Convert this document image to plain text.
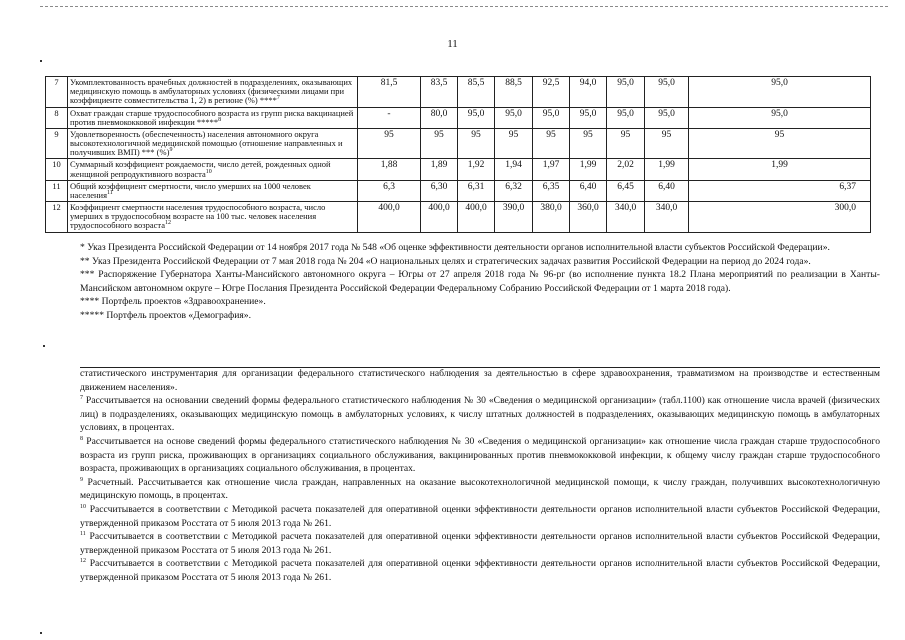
11
7	Укомплектованность врачебных должностей в подразделениях, оказывающих медицинскую помощь в амбулаторных условиях (физическими лицами при коэффициенте совместительства 1, 2) в регионе (%) ****$^7$	81,5	83,5	85,5	88,5	92,5	94,0	95,0	95,0	95,0
8	Охват граждан старше трудоспособного возраста из групп риска вакцинацией против пневмококковой инфекции *****$^8$	-	80,0	95,0	95,0	95,0	95,0	95,0	95,0	95,0
9	Удовлетворенность (обеспеченность) населения автономного округа высокотехнологичной медицинской помощью (отношение направленных и получивших ВМП) *** (%)$^9$	95	95	95	95	95	95	95	95	95
10	Суммарный коэффициент рождаемости, число детей, рожденных одной женщиной репродуктивного возраста$^{10}$	1,88	1,89	1,92	1,94	1,97	1,99	2,02	1,99	1,99
11	Общий коэффициент смертности, число умерших на 1000 человек населения$^{11}$	6,3	6,30	6,31	6,32	6,35	6,40	6,45	6,40	6,37
12	Коэффициент смертности населения трудоспособного возраста, число умерших в трудоспособном возрасте на 100 тыс. человек населения трудоспособного возраста$^{12}$	400,0	400,0	400,0	390,0	380,0	360,0	340,0	340,0	300,0

* Указ Президента Российской Федерации от 14 ноября 2017 года № 548 «Об оценке эффективности деятельности органов исполнительной власти субъектов Российской Федерации».

** Указ Президента Российской Федерации от 7 мая 2018 года № 204 «О национальных целях и стратегических задачах развития Российской Федерации на период до 2024 года».

*** Распоряжение Губернатора Ханты-Мансийского автономного округа – Югры от 27 апреля 2018 года № 96-рг (во исполнение пункта 18.2 Плана мероприятий по реализации в Ханты-Мансийском автономном округе – Югре Послания Президента Российской Федерации Федеральному Собранию Российской Федерации от 1 марта 2018 года).

**** Портфель проектов «Здравоохранение».

***** Портфель проектов «Демография».

статистического инструментария для организации федерального статистического наблюдения за деятельностью в сфере здравоохранения, травматизмом на производстве и естественным движением населения».

$^7$ Рассчитывается на основании сведений формы федерального статистического наблюдения № 30 «Сведения о медицинской организации» (табл.1100) как отношение числа врачей (физических лиц) в подразделениях, оказывающих медицинскую помощь в амбулаторных условиях, к числу штатных должностей в подразделениях, оказывающих медицинскую помощь в амбулаторных условиях, в процентах.

$^8$ Рассчитывается на основе сведений формы федерального статистического наблюдения № 30 «Сведения о медицинской организации» как отношение числа граждан старше трудоспособного возраста из групп риска, проживающих в организациях социального обслуживания, вакцинированных против пневмококковой инфекции, к общему числу граждан старше трудоспособного возраста, проживающих в организациях социального обслуживания, в процентах.

$^9$ Расчетный. Рассчитывается как отношение числа граждан, направленных на оказание высокотехнологичной медицинской помощи, к числу граждан, получивших высокотехнологичную медицинскую помощь, в процентах.

$^{10}$ Рассчитывается в соответствии с Методикой расчета показателей для оперативной оценки эффективности деятельности органов исполнительной власти субъектов Российской Федерации, утвержденной приказом Росстата от 5 июля 2013 года № 261.

$^{11}$ Рассчитывается в соответствии с Методикой расчета показателей для оперативной оценки эффективности деятельности органов исполнительной власти субъектов Российской Федерации, утвержденной приказом Росстата от 5 июля 2013 года № 261.

$^{12}$ Рассчитывается в соответствии с Методикой расчета показателей для оперативной оценки эффективности деятельности органов исполнительной власти субъектов Российской Федерации, утвержденной приказом Росстата от 5 июля 2013 года № 261.
